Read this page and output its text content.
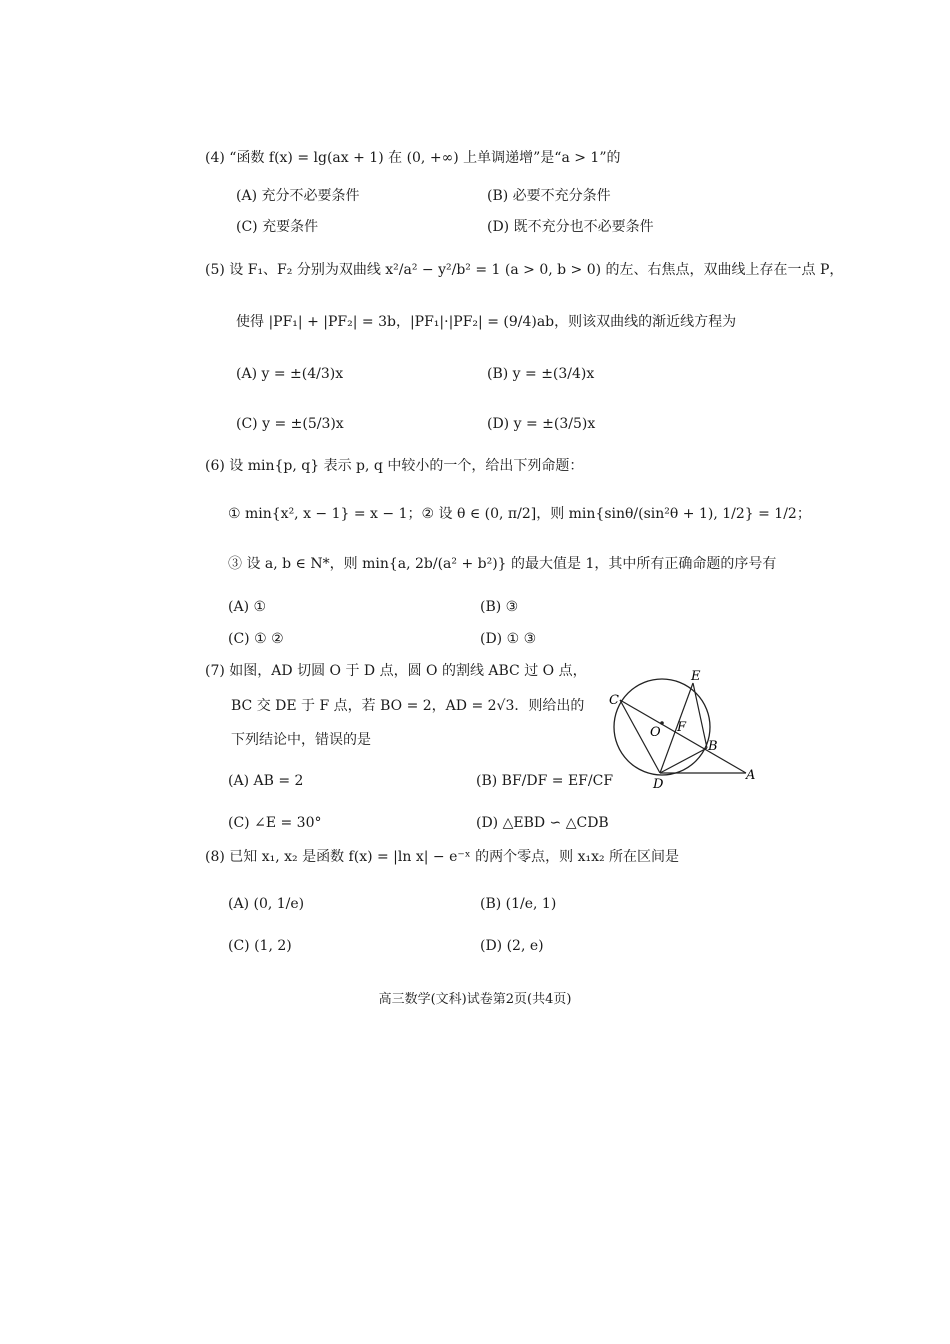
(4) “函数 f(x) = lg(ax + 1) 在 (0, +∞) 上单调递增”是“a > 1”的
(A) 充分不必要条件	(B) 必要不充分条件
(C) 充要条件	(D) 既不充分也不必要条件
(5) 设 F₁、F₂ 分别为双曲线 x²/a² − y²/b² = 1 (a > 0, b > 0) 的左、右焦点，双曲线上存在一点 P，
使得 |PF₁| + |PF₂| = 3b，|PF₁|·|PF₂| = (9/4)ab，则该双曲线的渐近线方程为
(A) y = ±(4/3)x	(B) y = ±(3/4)x
(C) y = ±(5/3)x	(D) y = ±(3/5)x
(6) 设 min{p, q} 表示 p, q 中较小的一个，给出下列命题：
① min{x², x − 1} = x − 1；② 设 θ ∈ (0, π/2]，则 min{sinθ/(sin²θ + 1), 1/2} = 1/2；
③ 设 a, b ∈ N*，则 min{a, 2b/(a² + b²)} 的最大值是 1，其中所有正确命题的序号有
(A) ①	(B) ③
(C) ① ②	(D) ① ③
(7) 如图，AD 切圆 O 于 D 点，圆 O 的割线 ABC 过 O 点，
BC 交 DE 于 F 点，若 BO = 2，AD = 2√3．则给出的
下列结论中，错误的是
(A) AB = 2	(B) BF/DF = EF/CF
(C) ∠E = 30°	(D) △EBD ∽ △CDB
E
C
O F
B
D
A
(8) 已知 x₁, x₂ 是函数 f(x) = |ln x| − e⁻ˣ 的两个零点，则 x₁x₂ 所在区间是
(A) (0, 1/e)	(B) (1/e, 1)
(C) (1, 2)	(D) (2, e)
高三数学(文科)试卷第2页(共4页)
